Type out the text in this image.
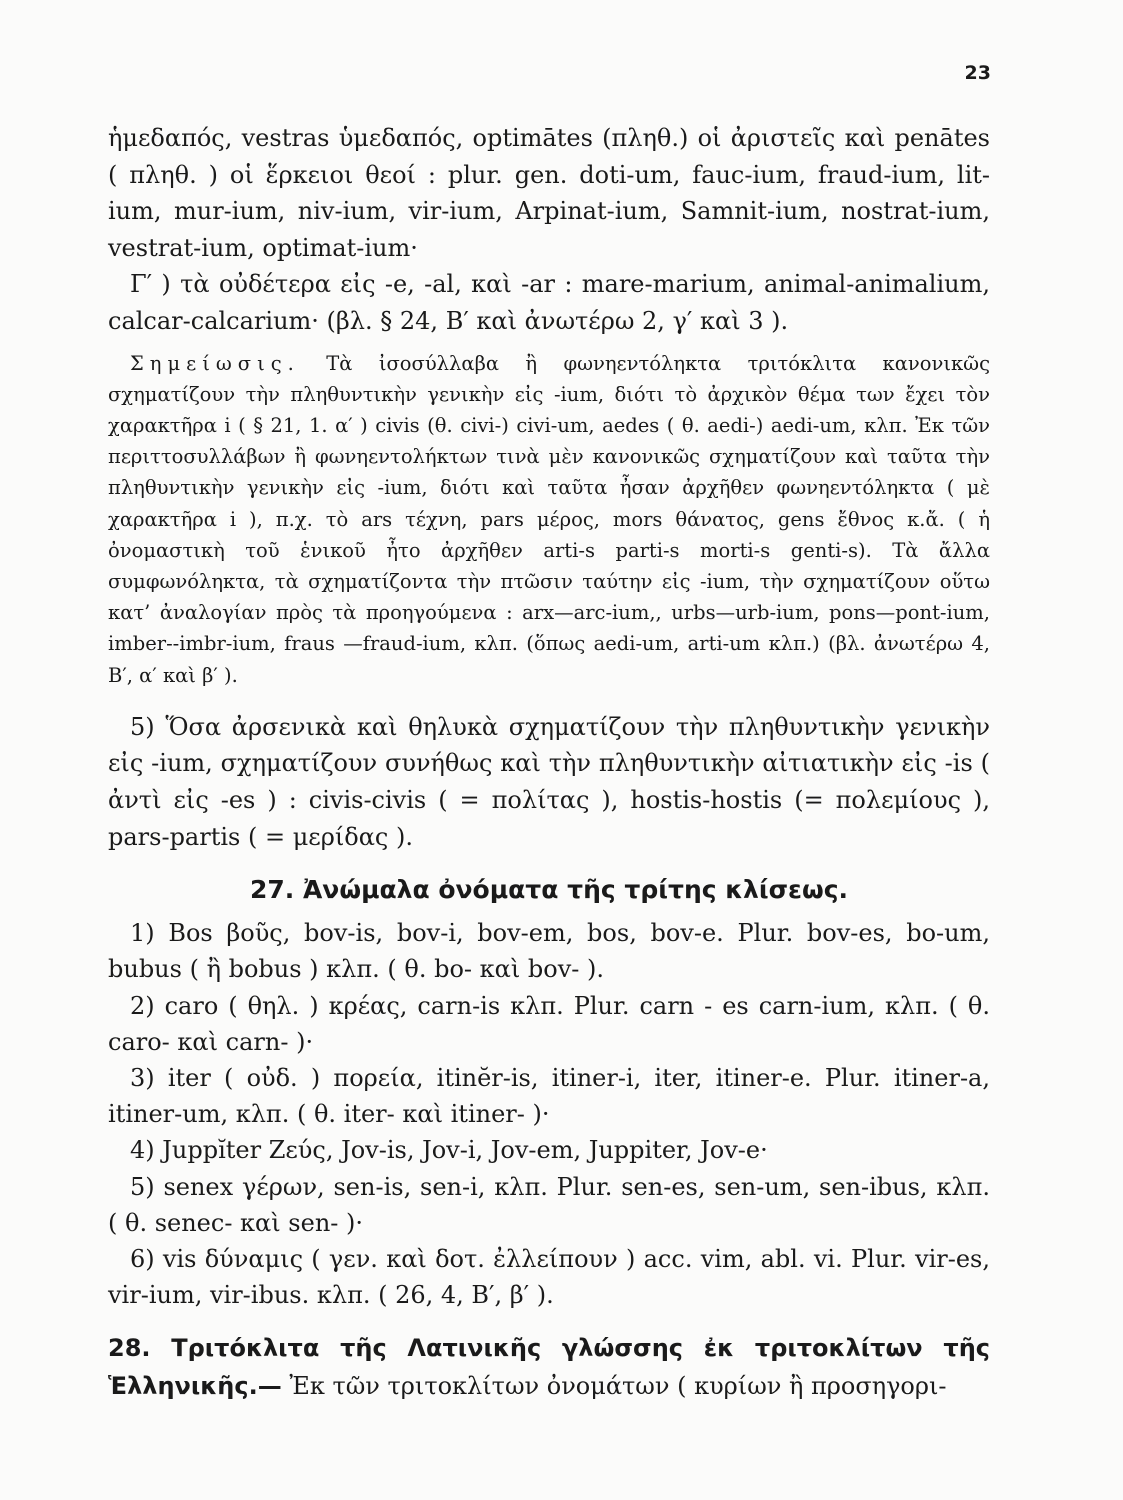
23

ἡμεδαπός, vestras ὑμεδαπός, optimātes (πληθ.) οἱ ἀριστεῖς καὶ penātes ( πληθ. ) οἱ ἕρκειοι θεοί : plur. gen. doti-um, fauc-ium, fraud-ium, lit-ium, mur-ium, niv-ium, vir-ium, Arpinat-ium, Samnit-ium, nostrat-ium, vestrat-ium, optimat-ium·

Γ′ ) τὰ οὐδέτερα εἰς -e, -al, καὶ -ar : mare-marium, animal-animalium, calcar-calcarium· (βλ. § 24, Β′ καὶ ἀνωτέρω 2, γ′ καὶ 3 ).

Σημείωσις. Τὰ ἰσοσύλλαβα ἢ φωνηεντόληκτα τριτόκλιτα κανονικῶς σχηματίζουν τὴν πληθυντικὴν γενικὴν εἰς -ium, διότι τὸ ἀρχικὸν θέμα των ἔχει τὸν χαρακτῆρα i ( § 21, 1. α′ ) civis (θ. civi-) civi-um, aedes ( θ. aedi-) aedi-um, κλπ. Ἐκ τῶν περιττοσυλλάβων ἢ φωνηεντολήκτων τινὰ μὲν κανονικῶς σχηματίζουν καὶ ταῦτα τὴν πληθυντικὴν γενικὴν εἰς -ium, διότι καὶ ταῦτα ἦσαν ἀρχῆθεν φωνηεντόληκτα ( μὲ χαρακτῆρα i ), π.χ. τὸ ars τέχνη, pars μέρος, mors θάνατος, gens ἔθνος κ.ἄ. ( ἡ ὀνομαστικὴ τοῦ ἑνικοῦ ἦτο ἀρχῆθεν arti-s parti-s morti-s genti-s). Τὰ ἄλλα συμφωνόληκτα, τὰ σχηματίζοντα τὴν πτῶσιν ταύτην εἰς -ium, τὴν σχηματίζουν οὕτω κατ’ ἀναλογίαν πρὸς τὰ προηγούμενα : arx—arc-ium,, urbs—urb-ium, pons—pont-ium, imber--imbr-ium, fraus —fraud-ium, κλπ. (ὅπως aedi-um, arti-um κλπ.) (βλ. ἀνωτέρω 4, Β′, α′ καὶ β′ ).

5) Ὅσα ἀρσενικὰ καὶ θηλυκὰ σχηματίζουν τὴν πληθυντικὴν γενικὴν εἰς -ium, σχηματίζουν συνήθως καὶ τὴν πληθυντικὴν αἰτιατικὴν εἰς -is ( ἀντὶ εἰς -es ) : civis-civis ( = πολίτας ), hostis-hostis (= πολεμίους ), pars-partis ( = μερίδας ).

27. Ἀνώμαλα ὀνόματα τῆς τρίτης κλίσεως.

1) Bos βοῦς, bov-is, bov-i, bov-em, bos, bov-e. Plur. bov-es, bo-um, bubus ( ἢ bobus ) κλπ. ( θ. bo- καὶ bov- ).

2) caro ( θηλ. ) κρέας, carn-is κλπ. Plur. carn - es carn-ium, κλπ. ( θ. caro- καὶ carn- )·

3) iter ( οὐδ. ) πορεία, itinĕr-is, itiner-i, iter, itiner-e. Plur. itiner-a, itiner-um, κλπ. ( θ. iter- καὶ itiner- )·

4) Juppĭter Ζεύς, Jov-is, Jov-i, Jov-em, Juppiter, Jov-e·

5) senex γέρων, sen-is, sen-i, κλπ. Plur. sen-es, sen-um, sen-ibus, κλπ. ( θ. senec- καὶ sen- )·

6) vis δύναμις ( γεν. καὶ δοτ. ἐλλείπουν ) acc. vim, abl. vi. Plur. vir-es, vir-ium, vir-ibus. κλπ. ( 26, 4, Β′, β′ ).

28. Τριτόκλιτα τῆς Λατινικῆς γλώσσης ἐκ τριτοκλίτων τῆς Ἑλληνικῆς.— Ἐκ τῶν τριτοκλίτων ὀνομάτων ( κυρίων ἢ προσηγορι-
